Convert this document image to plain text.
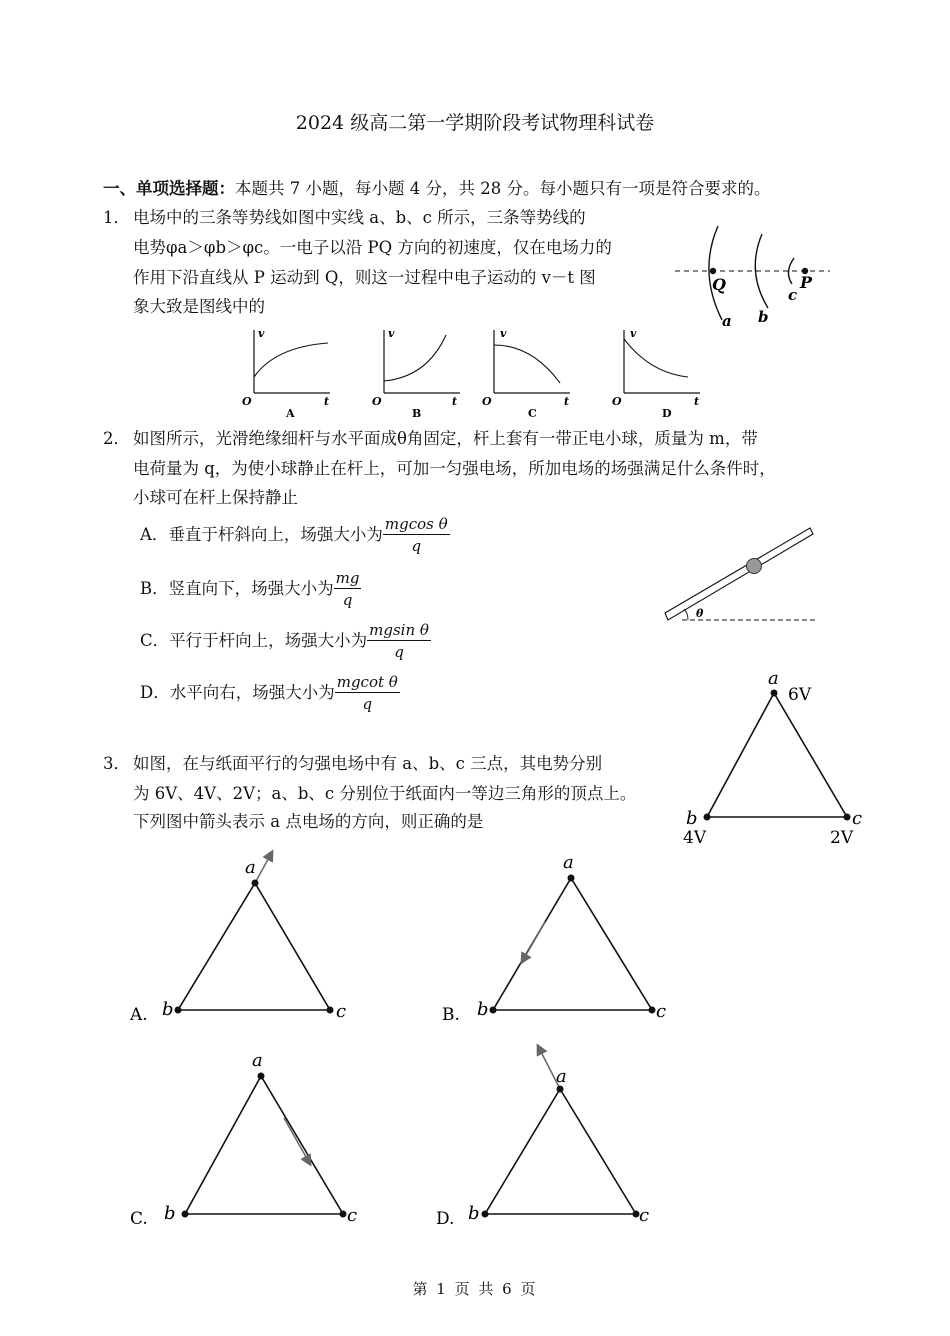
2024 级高二第一学期阶段考试物理科试卷
一、单项选择题：本题共 7 小题，每小题 4 分，共 28 分。每小题只有一项是符合要求的。
1． 电场中的三条等势线如图中实线 a、b、c 所示，三条等势线的
电势φa＞φb＞φc。一电子以沿 PQ 方向的初速度，仅在电场力的
作用下沿直线从 P 运动到 Q，则这一过程中电子运动的 v－t 图
象大致是图线中的
Q	P
a b
c
v
t
O
A
v
t
O
B
v
t
O
C
v
t
O
D
2． 如图所示，光滑绝缘细杆与水平面成θ角固定，杆上套有一带正电小球，质量为 m，带
电荷量为 q，为使小球静止在杆上，可加一匀强电场，所加电场的场强满足什么条件时，
小球可在杆上保持静止
A．垂直于杆斜向上，场强大小为 $\frac{\text{mgcos θ}}{q}$
B．竖直向下，场强大小为 $\frac{mg}{q}$
C．平行于杆向上，场强大小为 $\frac{\text{mgsin θ}}{q}$
D．水平向右，场强大小为 $\frac{\text{mgcot θ}}{q}$
θ
a
6V
b
4V
c
2V
3． 如图，在与纸面平行的匀强电场中有 a、b、c 三点，其电势分别
为 6V、4V、2V；a、b、c 分别位于纸面内一等边三角形的顶点上。
下列图中箭头表示 a 点电场的方向，则正确的是
a
b	c
A.
a
b	c
B.
a
b	c
C.
a
b	c
D.
第 1 页 共 6 页
